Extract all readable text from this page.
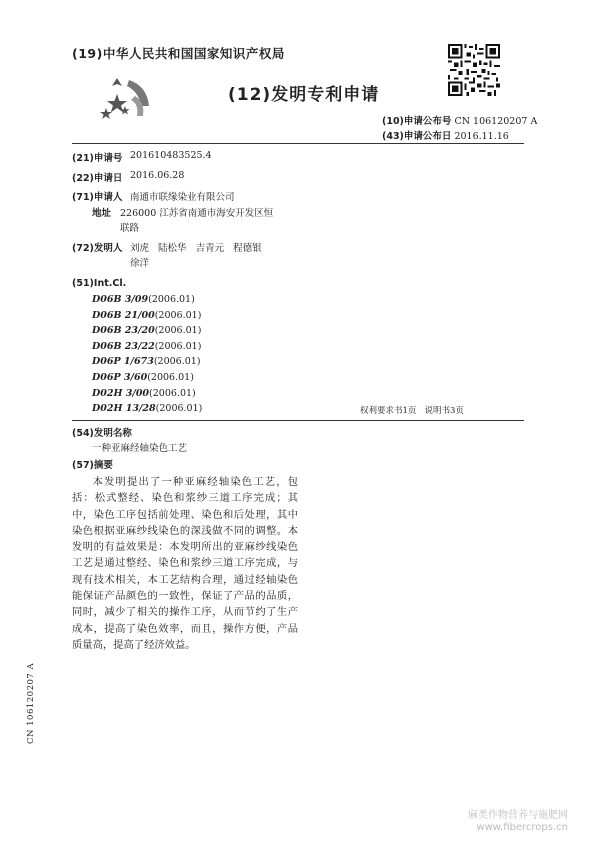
(19)中华人民共和国国家知识产权局
(12)发明专利申请
(10)申请公布号 CN 106120207 A
(43)申请公布日 2016.11.16
(21)申请号 201610483525.4
(22)申请日 2016.06.28
(71)申请人 南通市联缘染业有限公司
地址 226000 江苏省南通市海安开发区恒
联路
(72)发明人 刘虎   陆松华   吉青元   程德银
徐洋
(51)Int.Cl.
D06B 3/09(2006.01)
D06B 21/00(2006.01)
D06B 23/20(2006.01)
D06B 23/22(2006.01)
D06P 1/673(2006.01)
D06P 3/60(2006.01)
D02H 3/00(2006.01)
D02H 13/28(2006.01)	权利要求书1页   说明书3页
(54)发明名称
一种亚麻经轴染色工艺
(57)摘要

本发明提出了一种亚麻经轴染色工艺，包括：松式整经、染色和浆纱三道工序完成；其中，染色工序包括前处理、染色和后处理，其中染色根据亚麻纱线染色的深浅做不同的调整。本发明的有益效果是：本发明所出的亚麻纱线染色工艺是通过整经、染色和浆纱三道工序完成，与现有技术相关，本工艺结构合理，通过经轴染色能保证产品颜色的一致性，保证了产品的品质，同时，减少了相关的操作工序，从而节约了生产成本，提高了染色效率，而且，操作方便，产品质量高，提高了经济效益。

CN 106120207 A
麻类作物营养与施肥网
www.fibercrops.cn
